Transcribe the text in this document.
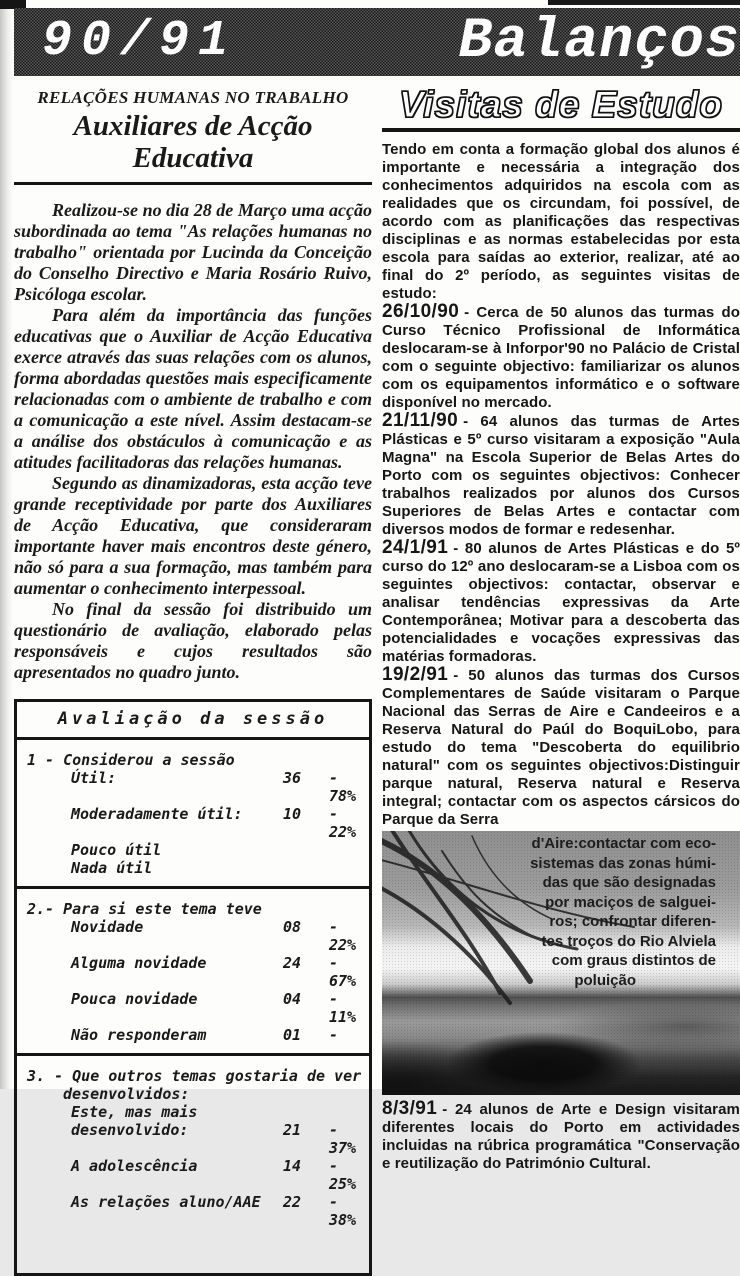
90/91	Balanços
RELAÇÕES HUMANAS NO TRABALHO
Auxiliares de Acção Educativa

Realizou-se no dia 28 de Março uma acção subordinada ao tema "As relações humanas no trabalho" orientada por Lucinda da Conceição do Conselho Directivo e Maria Rosário Ruivo, Psicóloga escolar.

Para além da importância das funções educativas que o Auxiliar de Acção Educativa exerce através das suas relações com os alunos, forma abordadas questões mais especificamente relacionadas com o ambiente de trabalho e com a comunicação a este nível. Assim destacam-se a análise dos obstáculos à comunicação e as atitudes facilitadoras das relações humanas.

Segundo as dinamizadoras, esta acção teve grande receptividade por parte dos Auxiliares de Acção Educativa, que consideraram importante haver mais encontros deste género, não só para a sua formação, mas também para aumentar o conhecimento interpessoal.

No final da sessão foi distribuido um questionário de avaliação, elaborado pelas responsáveis e cujos resultados são apresentados no quadro junto.

Avaliação da sessão
1 - Considerou a sessão
Útil:	36	- 78%
Moderadamente útil:	10	- 22%
Pouco útil
Nada útil
2.- Para si este tema teve
Novidade	08	- 22%
Alguma novidade	24	- 67%
Pouca novidade	04	- 11%
Não responderam	01	-
3. - Que outros temas gostaria de ver
desenvolvidos:
Este, mas mais
desenvolvido:	21	- 37%
A adolescência	14	- 25%
As relações aluno/AAE	22	- 38%
Visitas de Estudo

Tendo em conta a formação global dos alunos é importante e necessária a integração dos conhecimentos adquiridos na escola com as realidades que os circundam, foi possível, de acordo com as planificações das respectivas disciplinas e as normas estabelecidas por esta escola para saídas ao exterior, realizar, até ao final do 2º período, as seguintes visitas de estudo:

26/10/90 - Cerca de 50 alunos das turmas do Curso Técnico Profissional de Informática deslocaram-se à Inforpor'90 no Palácio de Cristal com o seguinte objectivo: familiarizar os alunos com os equipamentos informático e o software disponível no mercado.

21/11/90 - 64 alunos das turmas de Artes Plásticas e 5º curso visitaram a exposição "Aula Magna" na Escola Superior de Belas Artes do Porto com os seguintes objectivos: Conhecer trabalhos realizados por alunos dos Cursos Superiores de Belas Artes e contactar com diversos modos de formar e redesenhar.

24/1/91 - 80 alunos de Artes Plásticas e do 5º curso do 12º ano deslocaram-se a Lisboa com os seguintes objectivos: contactar, observar e analisar tendências expressivas da Arte Contemporânea; Motivar para a descoberta das potencialidades e vocações expressivas das matérias formadoras.

19/2/91 - 50 alunos das turmas dos Cursos Complementares de Saúde visitaram o Parque Nacional das Serras de Aire e Candeeiros e a Reserva Natural do Paúl do BoquiLobo, para estudo do tema "Descoberta do equilibrio natural" com os seguintes objectivos:Distinguir parque natural, Reserva natural e Reserva integral; contactar com os aspectos cársicos do Parque da Serra

d'Aire:contactar com eco-
sistemas das zonas húmi-
das que são designadas
por maciços de salguei-
ros; confrontar diferen-
tes troços do Rio Alviela
com graus distintos de
poluição

8/3/91 - 24 alunos de Arte e Design visitaram diferentes locais do Porto em actividades incluidas na rúbrica programática "Conservação e reutilização do Património Cultural.
